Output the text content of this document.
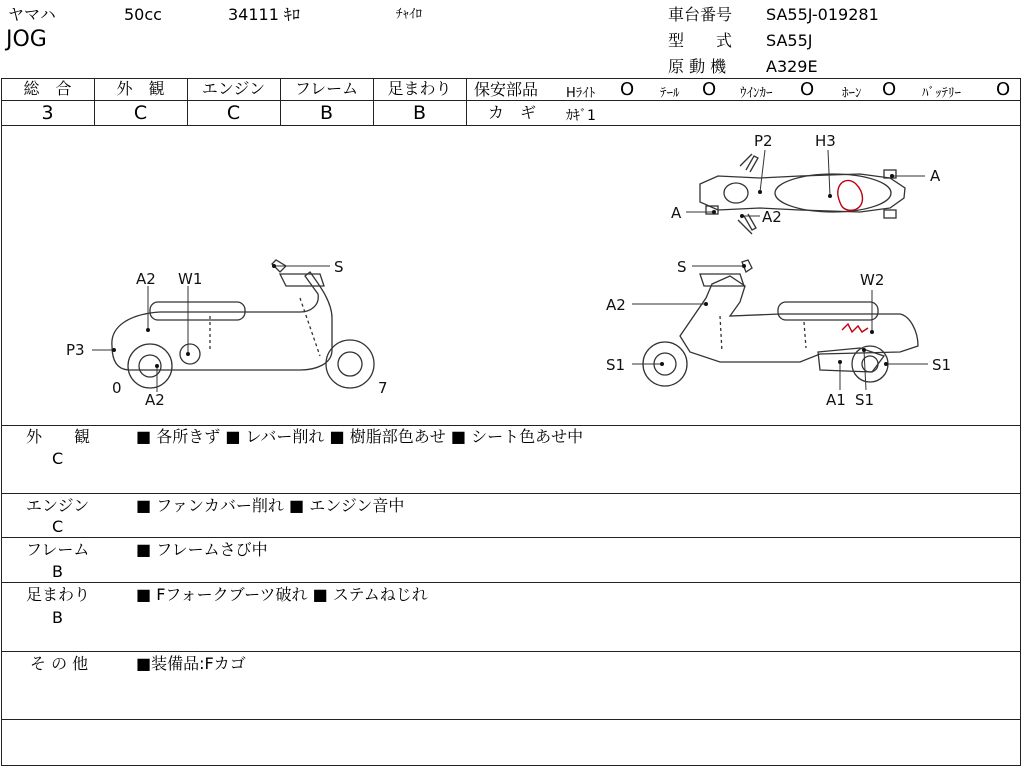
ヤマハ	50cc	34111 ｷﾛ	ﾁｬｲﾛ
JOG
車台番号 SA55J-019281
型　　式 SA55J
原 動 機 A329E
総　合	外　観	エンジン	フレーム	足まわり
3	C	C	B	B
保安部品 Hﾗｲﾄ O ﾃｰﾙ O ｳｲﾝｶｰ O ﾎｰﾝ O ﾊﾞｯﾃﾘｰ O
カ　ギ ｶｷﾞ1
P2	H3
A
A	A2
S
A2 W1
P3
0
A2
7
S
A2
W2
S1	S1
A1 S1
外　　観
C
■ 各所きず ■ レバー削れ ■ 樹脂部色あせ ■ シート色あせ中
エンジン
C
■ ファンカバー削れ ■ エンジン音中
フレーム
B
■ フレームさび中
足まわり
B
■ Fフォークブーツ破れ ■ ステムねじれ
そ の 他	■装備品:Fカゴ
